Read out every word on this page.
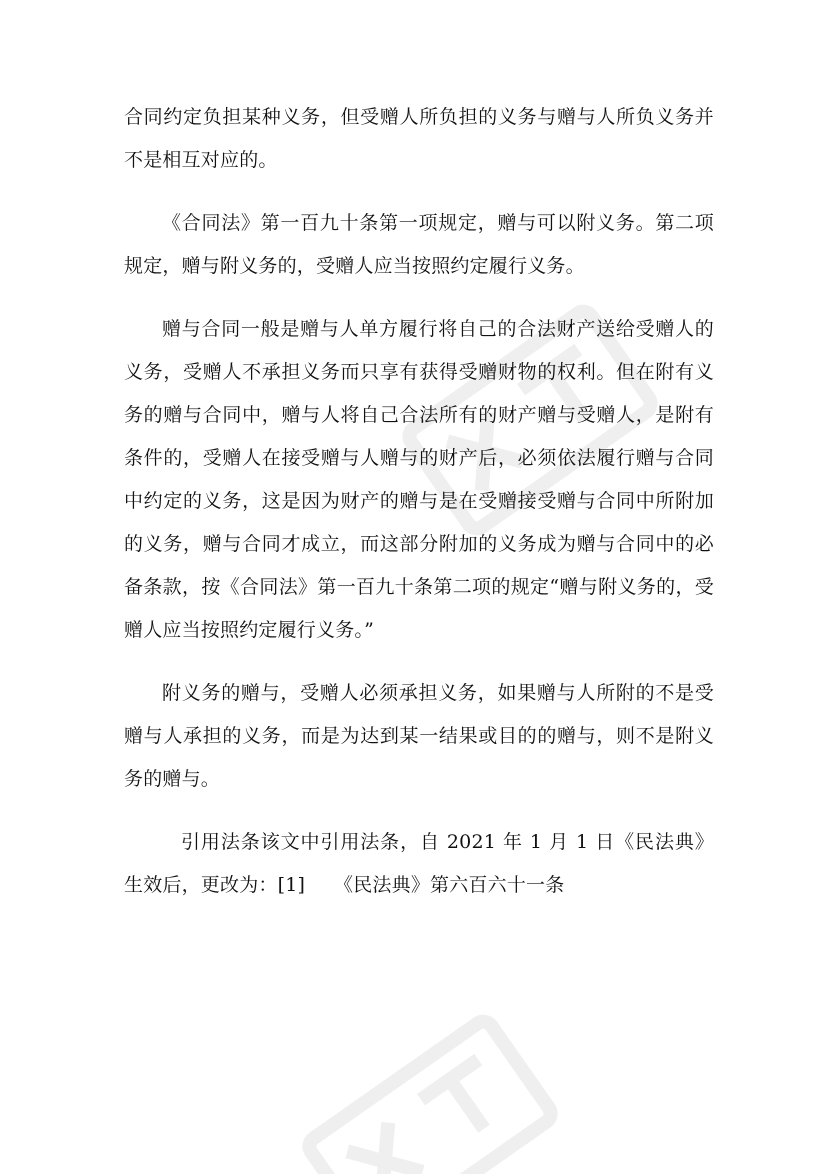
合同约定负担某种义务，但受赠人所负担的义务与赠与人所负义务并不是相互对应的。

《合同法》第一百九十条第一项规定，赠与可以附义务。第二项规定，赠与附义务的，受赠人应当按照约定履行义务。

赠与合同一般是赠与人单方履行将自己的合法财产送给受赠人的义务，受赠人不承担义务而只享有获得受赠财物的权利。但在附有义务的赠与合同中，赠与人将自己合法所有的财产赠与受赠人，是附有条件的，受赠人在接受赠与人赠与的财产后，必须依法履行赠与合同中约定的义务，这是因为财产的赠与是在受赠接受赠与合同中所附加的义务，赠与合同才成立，而这部分附加的义务成为赠与合同中的必备条款，按《合同法》第一百九十条第二项的规定“赠与附义务的，受赠人应当按照约定履行义务。”

附义务的赠与，受赠人必须承担义务，如果赠与人所附的不是受赠与人承担的义务，而是为达到某一结果或目的的赠与，则不是附义务的赠与。

引用法条该文中引用法条，自 2021 年 1 月 1 日《民法典》生效后，更改为：[1]　　《民法典》第六百六十一条
